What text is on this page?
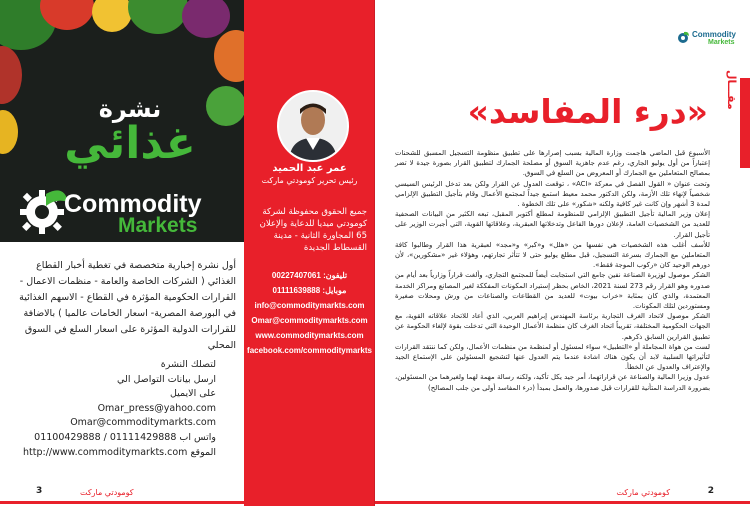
نشرة
غذائي
Commodity
Markets
أول نشرة إخبارية متخصصة في تغطية أخبار القطاع الغذائي ( الشركات الخاصة والعامة - منظمات الاعمال - القرارات الحكومية المؤثرة في القطاع - الاسهم الغذائية في البورصة المصرية- اسعار الخامات عالميا ) بالاضافة للقرارات الدولية المؤثرة على اسعار السلع في السوق المحلي
لتصلك النشرة
ارسل بيانات التواصل الي
على الايميل
Omar_press@yahoo.com
Omar@commoditymarkts.com
واتس اب 01100429888 / 01111429888
الموقع http://www.commoditymarkts.com
3	كومودتي ماركت
عمر عبد الحميد
رئيس تحرير كومودتي ماركت
جميع الحقوق محفوظة لشركة كومودتي ميديا للدعاية والإعلان 65 المجاورة الثانية - مدينة القسطاط الجديدة
تليفون: 00227407061
موبايل: 01111639888
info@commoditymarkts.com
Omar@commoditymarkts.com
www.commoditymarkts.com
facebook.com/commoditymarkts
Commodity
Markets
مقـــال
«درء المفاسد»

الأسبوع قبل الماضي هاجمت وزارة المالية بسبب إصرارها على تطبيق منظومة التسجيل المسبق للشحنات إعتباراً من أول يوليو الجاري، رغم عدم جاهزية السوق أو مصلحة الجمارك لتطبيق القرار بصورة جيدة لا تضر بمصالح المتعاملين مع الجمارك أو المعروض من السلع في السوق.

وتحت عنوان « القول الفصل في معركة «ACI» ، توقعت العدول عن القرار ولكن بعد تدخل الرئيس السيسي شخصياً لإنهاء تلك الأزمة، ولكن الدكتور محمد معيط استمع جيداً لمجتمع الأعمال وقام بتأجيل التطبيق الإلزامي لمدة 3 أشهر وإن كانت غير كافية ولكنه «شكور» على تلك الخطوة .

إعلان وزير المالية تأجيل التطبيق الإلزامي للمنظومة لمطلع أكتوبر المقبل، تبعه الكثير من البيانات الصحفية للعديد من الشخصيات العامة، لإعلان دورها الفاعل وتدخلاتها العبقرية، وعلاقاتها القوية، التي أجبرت الوزير على تأجيل القرار.

للأسف أغلب هذه الشخصيات هي نفسها من «هلل» و«كبر» و«مجد» لعبقرية هذا القرار وطالبوا كافة المتعاملين مع الجمارك بسرعة التسجيل، قبل مطلع يوليو حتى لا تتأثر تجارتهم، وهؤلاء غير «مشكورين»، لأن دورهم الوحيد كان «ركوب الموجة فقط».

الشكر موصول لوزيرة الصناعة نفين جامع التي استجابت أيضاً للمجتمع التجاري، وألغت قراراً وزارياً بعد أيام من صدوره وهو القرار رقم 273 لسنة 2021، الخاص بحظر إستيراد المكونات المفككة لغير المصانع ومراكز الخدمة المعتمدة، والذي كان بمثابة «خراب بيوت» للعديد من القطاعات والصناعات من ورش ومحلات صغيرة ومستوردين لتلك المكونات.

الشكر موصول لاتحاد الغرف التجارية برئاسة المهندس إبراهيم العربي، الذي أعاد للاتحاد علاقاته القوية، مع الجهات الحكومية المختلفة، تقريباً اتحاد الغرف كان منظمة الأعمال الوحيدة التي تدخلت بقوة لإلغاء الحكومة عن تطبيق القرارين السابق ذكرهم.

لست من هواة المجاملة أو «التطبيل» سواء لمسئول أو لمنظمة من منظمات الأعمال، ولكن كما ننتقد القرارات لتأثيراتها السلبية لابد أن يكون هناك اشادة عندما يتم العدول عنها لتشجيع المسئولين على الإستماع الجيد والإعتراف والعدول عن الخطأ.

عدول وزيرا المالية والصناعة عن قراراتهما، أمر جيد يكل تأكيد، ولكنه رسالة مهمة لهما ولغيرهما من المسئولين، بضرورة الدراسة المتأنية للقرارات قبل صدورها، والعمل بمبدأ (درء المفاسد أولى من جلب المصالح)

2
كومودتي ماركت
